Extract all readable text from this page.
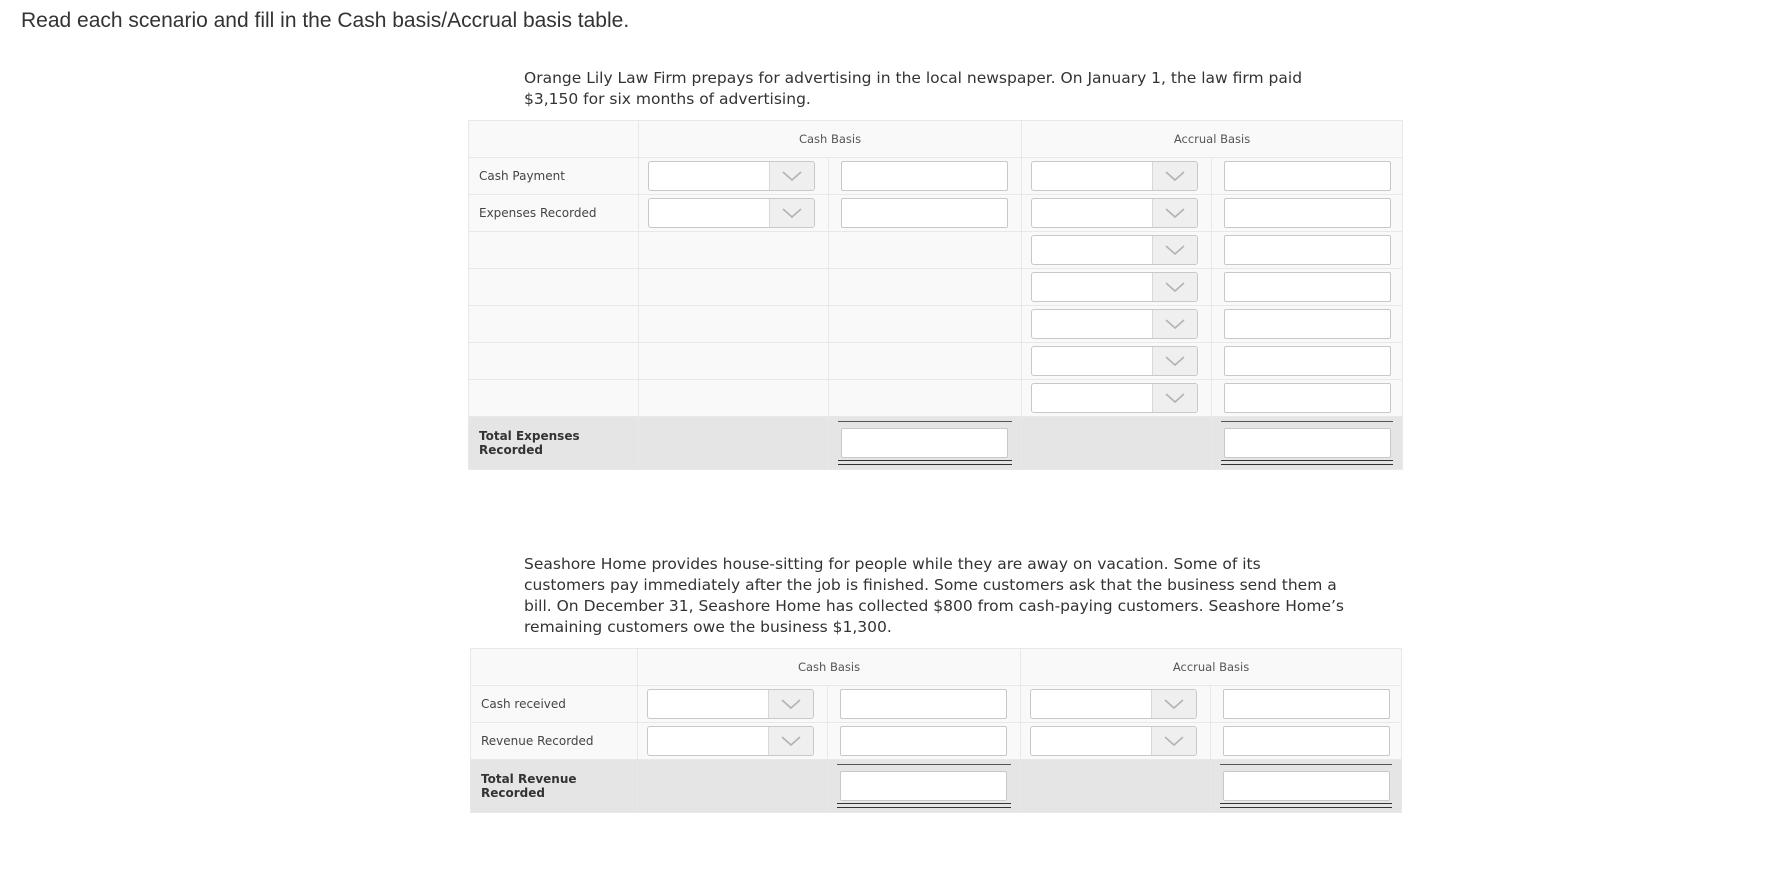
Read each scenario and fill in the Cash basis/Accrual basis table.
Orange Lily Law Firm prepays for advertising in the local newspaper. On January 1, the law firm paid $3,150 for six months of advertising.
	Cash Basis		Accrual Basis	
Cash Payment	

Expenses Recorded	

Total Expenses Recorded		

Seashore Home provides house-sitting for people while they are away on vacation. Some of its customers pay immediately after the job is finished. Some customers ask that the business send them a bill. On December 31, Seashore Home has collected $800 from cash-paying customers. Seashore Home’s remaining customers owe the business $1,300.
	Cash Basis		Accrual Basis	
Cash received	

Revenue Recorded	

Total Revenue Recorded		
